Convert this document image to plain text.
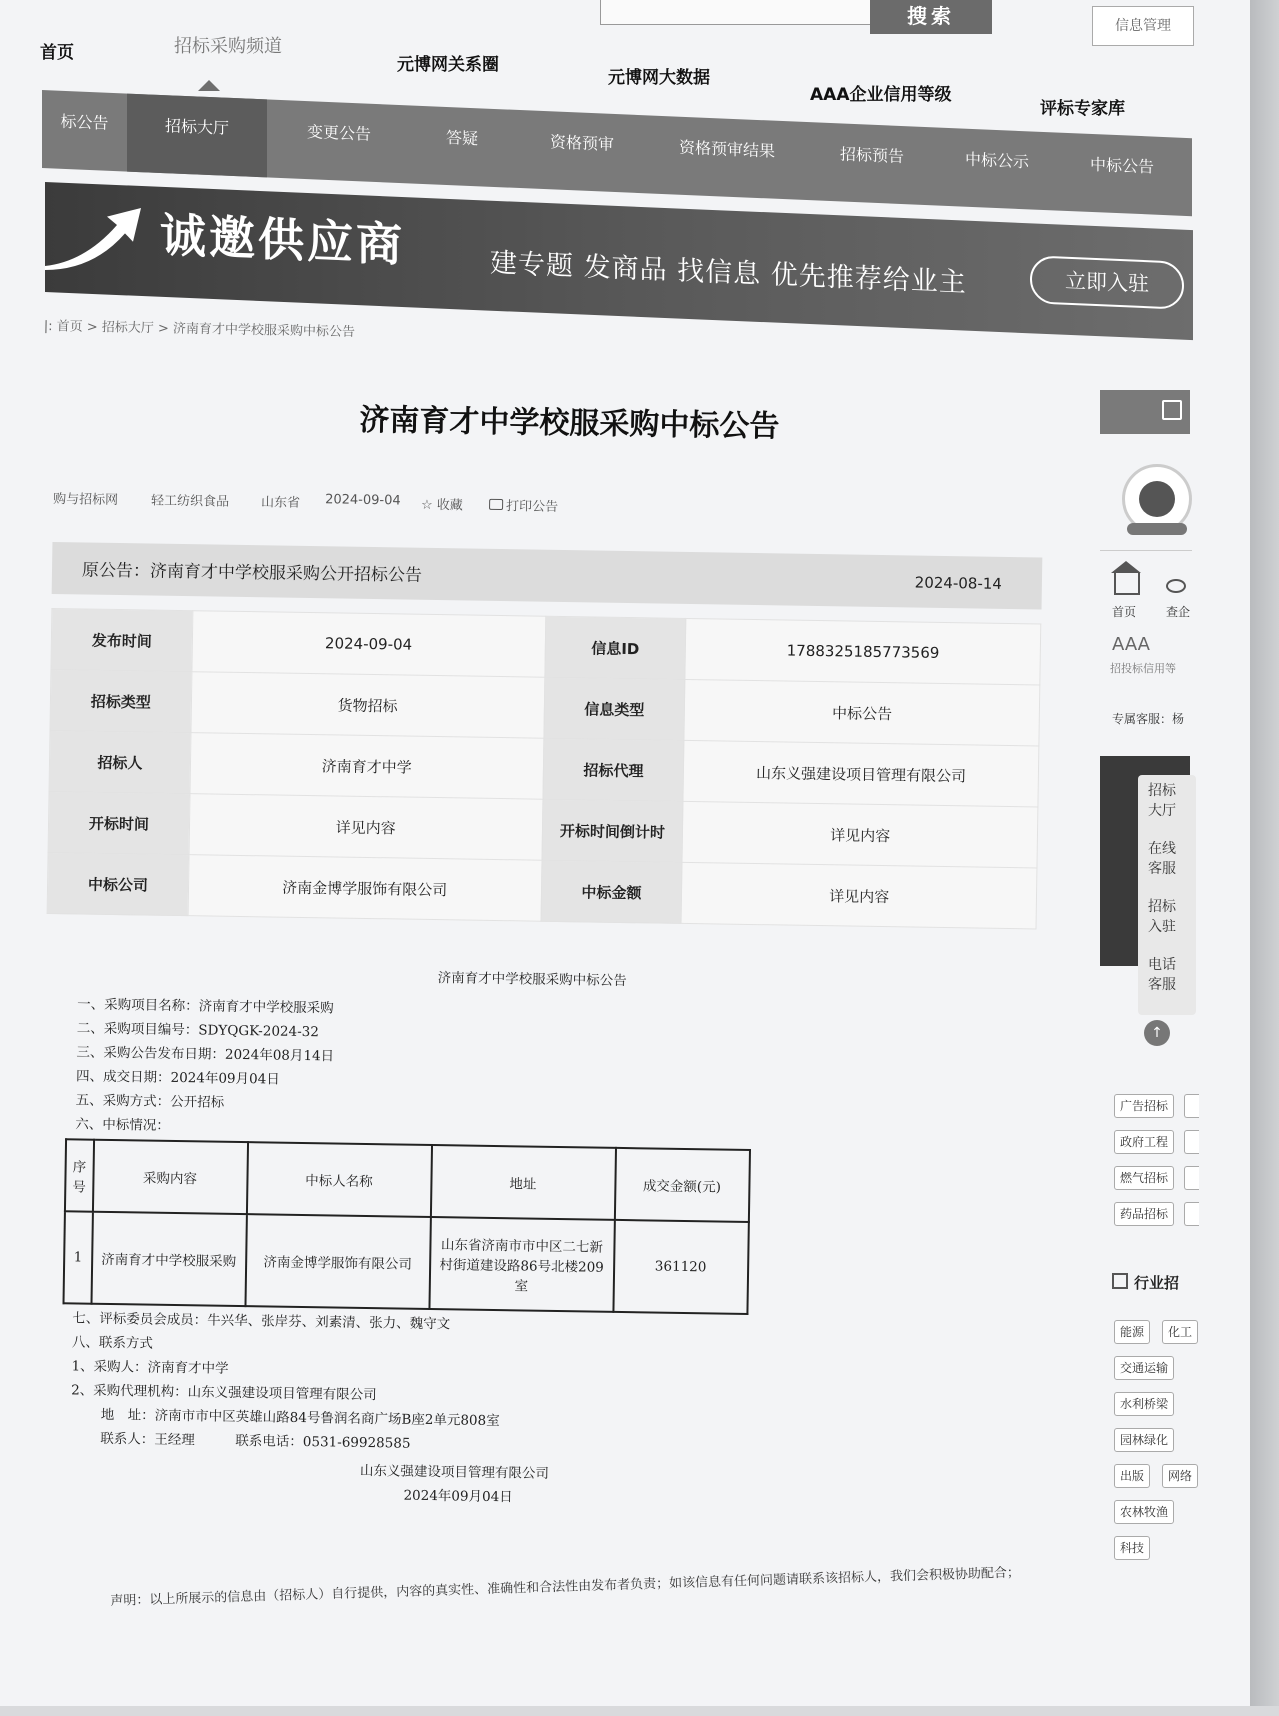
搜索	信息管理
首页	招标采购频道
元博网关系圈
元博网大数据
AAA企业信用等级
评标专家库
标公告	招标大厅	变更公告	答疑	资格预审	资格预审结果	招标预告	中标公示	中标公告
诚邀供应商
建专题 发商品 找信息 优先推荐给业主	立即入驻
|: 首页 > 招标大厅 > 济南育才中学校服采购中标公告
济南育才中学校服采购中标公告
购与招标网	轻工纺织食品 山东省 2024-09-04 ☆ 收藏	打印公告
原公告：济南育才中学校服采购公开招标公告	2024-08-14
发布时间	2024-09-04	信息ID	1788325185773569
招标类型	货物招标	信息类型	中标公告
招标人	济南育才中学	招标代理	山东义强建设项目管理有限公司
开标时间	详见内容	开标时间倒计时	详见内容
中标公司	济南金博学服饰有限公司	中标金额	详见内容
济南育才中学校服采购中标公告
一、采购项目名称：济南育才中学校服采购
二、采购项目编号：SDYQGK-2024-32
三、采购公告发布日期：2024年08月14日
四、成交日期：2024年09月04日
五、采购方式：公开招标
六、中标情况：
序号	采购内容	中标人名称	地址	成交金额(元)
1	济南育才中学校服采购	济南金博学服饰有限公司	山东省济南市市中区二七新村街道建设路86号北楼209室	361120
七、评标委员会成员：牛兴华、张岸芬、刘素清、张力、魏守文
八、联系方式
1、采购人：济南育才中学
2、采购代理机构：山东义强建设项目管理有限公司
地　址：济南市市中区英雄山路84号鲁润名商广场B座2单元808室
联系人：王经理　　　联系电话：0531-69928585
山东义强建设项目管理有限公司
2024年09月04日
声明：以上所展示的信息由（招标人）自行提供，内容的真实性、准确性和合法性由发布者负责；如该信息有任何问题请联系该招标人，我们会积极协助配合；
首页 查企
AAA
招投标信用等
专属客服：杨
招标大厅
在线客服
招标入驻
电话客服
↑
广告招标
政府工程
燃气招标
药品招标
行业招
能源	化工
交通运输
水利桥梁
园林绿化
出版	网络
农林牧渔
科技
